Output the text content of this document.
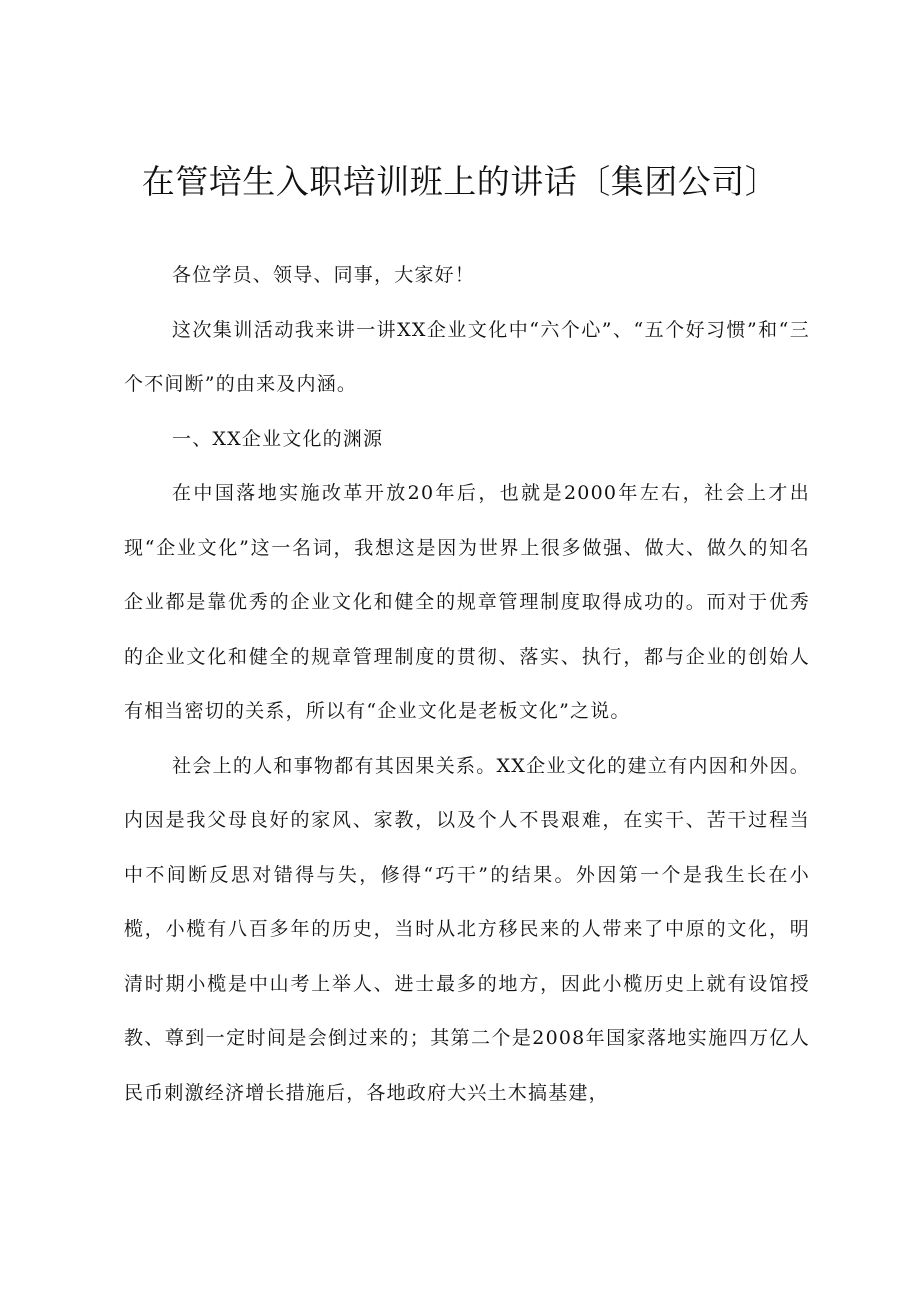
在管培生入职培训班上的讲话〔集团公司〕

各位学员、领导、同事，大家好！

这次集训活动我来讲一讲XX企业文化中“六个心”、“五个好习惯”和“三个不间断”的由来及内涵。

一、XX企业文化的渊源

在中国落地实施改革开放20年后，也就是2000年左右，社会上才出现“企业文化”这一名词，我想这是因为世界上很多做强、做大、做久的知名企业都是靠优秀的企业文化和健全的规章管理制度取得成功的。而对于优秀的企业文化和健全的规章管理制度的贯彻、落实、执行，都与企业的创始人有相当密切的关系，所以有“企业文化是老板文化”之说。

社会上的人和事物都有其因果关系。XX企业文化的建立有内因和外因。内因是我父母良好的家风、家教，以及个人不畏艰难，在实干、苦干过程当中不间断反思对错得与失，修得“巧干”的结果。外因第一个是我生长在小榄，小榄有八百多年的历史，当时从北方移民来的人带来了中原的文化，明清时期小榄是中山考上举人、进士最多的地方，因此小榄历史上就有设馆授教、尊到一定时间是会倒过来的；其第二个是2008年国家落地实施四万亿人民币刺激经济增长措施后，各地政府大兴土木搞基建，
